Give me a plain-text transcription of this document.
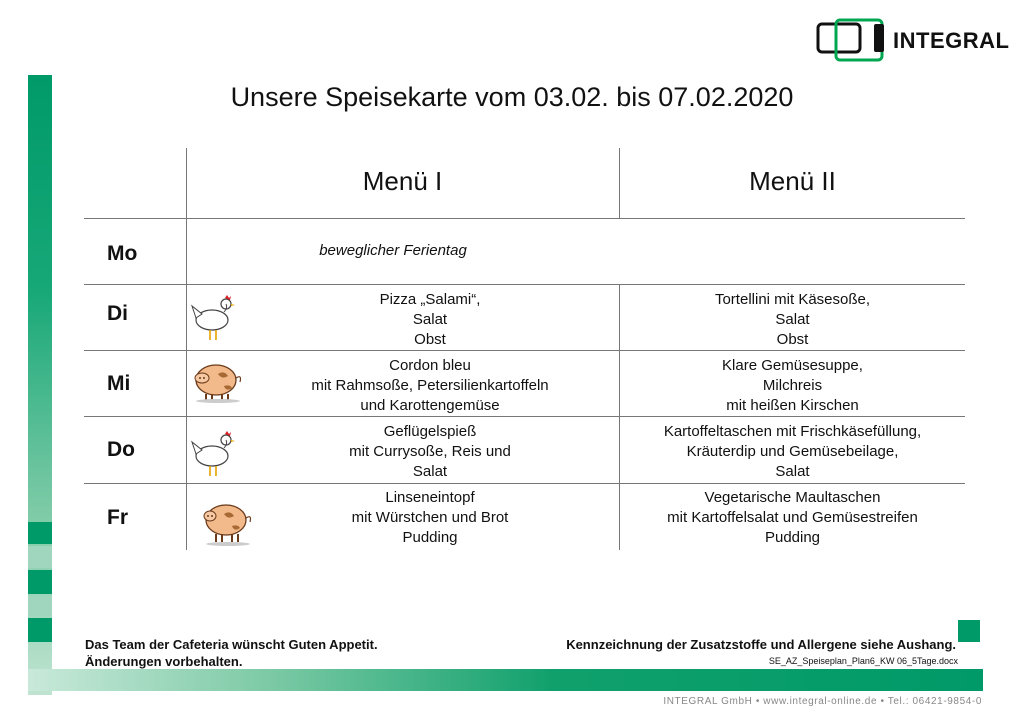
INTEGRAL
Unsere Speisekarte vom 03.02. bis 07.02.2020
Menü I	Menü II
Mo	beweglicher Ferientag
Di
Pizza „Salami“,
Salat
Obst
Tortellini mit Käsesoße,
Salat
Obst
Mi
Cordon bleu
mit Rahmsoße, Petersilienkartoffeln
und Karottengemüse
Klare Gemüsesuppe,
Milchreis
mit heißen Kirschen
Do
Geflügelspieß
mit Currysoße, Reis und
Salat
Kartoffeltaschen mit Frischkäsefüllung,
Kräuterdip und Gemüsebeilage,
Salat
Fr
Linseneintopf
mit Würstchen und Brot
Pudding
Vegetarische Maultaschen
mit Kartoffelsalat und Gemüsestreifen
Pudding
Das Team der Cafeteria wünscht Guten Appetit.
Änderungen vorbehalten.
Kennzeichnung der Zusatzstoffe und Allergene siehe Aushang.
SE_AZ_Speiseplan_Plan6_KW 06_5Tage.docx
INTEGRAL GmbH • www.integral-online.de • Tel.: 06421-9854-0
